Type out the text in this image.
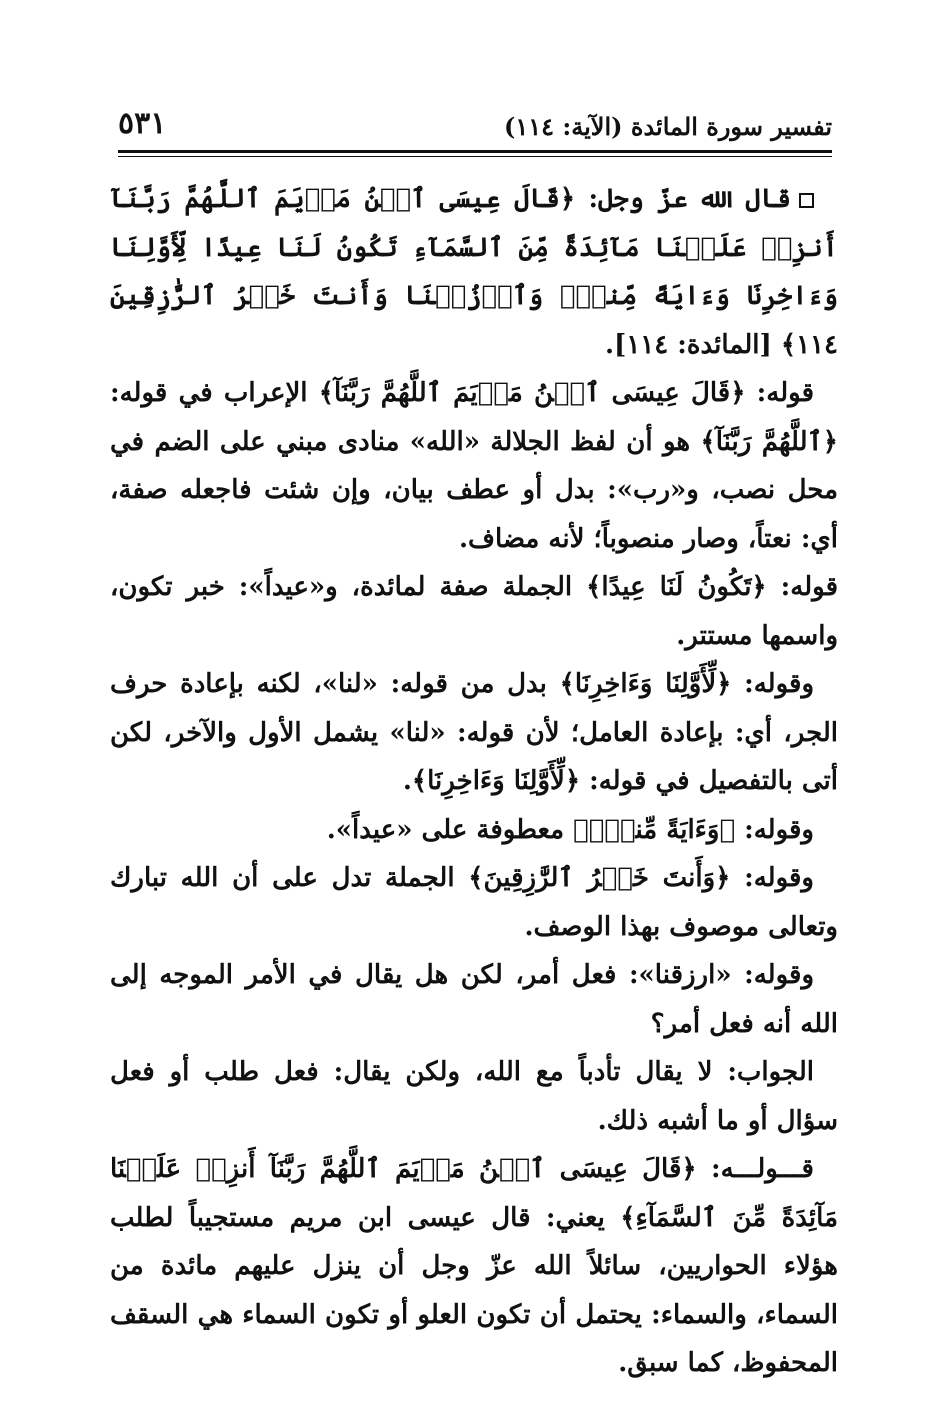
تفسير سورة المائدة (الآية: ١١٤)
٥٣١

قال الله عزّ وجل: ﴿قَالَ عِيسَى ٱبۡنُ مَرۡيَمَ ٱللَّهُمَّ رَبَّنَآ أَنزِلۡ عَلَيۡنَا مَآئِدَةً مِّنَ ٱلسَّمَآءِ تَكُونُ لَنَا عِيدًا لِّأَوَّلِنَا وَءَاخِرِنَا وَءَايَةً مِّنكَۖ وَٱرۡزُقۡنَا وَأَنتَ خَيۡرُ ٱلرَّٰزِقِينَ ١١٤﴾ [المائدة: ١١٤].

قوله: ﴿قَالَ عِيسَى ٱبۡنُ مَرۡيَمَ ٱللَّهُمَّ رَبَّنَآ﴾ الإعراب في قوله: ﴿ٱللَّهُمَّ رَبَّنَآ﴾ هو أن لفظ الجلالة «الله» منادى مبني على الضم في محل نصب، و«رب»: بدل أو عطف بيان، وإن شئت فاجعله صفة، أي: نعتاً، وصار منصوباً؛ لأنه مضاف.

قوله: ﴿تَكُونُ لَنَا عِيدًا﴾ الجملة صفة لمائدة، و«عيداً»: خبر تكون، واسمها مستتر.

وقوله: ﴿لِّأَوَّلِنَا وَءَاخِرِنَا﴾ بدل من قوله: «لنا»، لكنه بإعادة حرف الجر، أي: بإعادة العامل؛ لأن قوله: «لنا» يشمل الأول والآخر، لكن أتى بالتفصيل في قوله: ﴿لِّأَوَّلِنَا وَءَاخِرِنَا﴾.

وقوله: ﴿وَءَايَةً مِّنكَۖ﴾ معطوفة على «عيداً».

وقوله: ﴿وَأَنتَ خَيۡرُ ٱلرَّٰزِقِينَ﴾ الجملة تدل على أن الله تبارك وتعالى موصوف بهذا الوصف.

وقوله: «ارزقنا»: فعل أمر، لكن هل يقال في الأمر الموجه إلى الله أنه فعل أمر؟

الجواب: لا يقال تأدباً مع الله، ولكن يقال: فعل طلب أو فعل سؤال أو ما أشبه ذلك.

قـــولـــه: ﴿قَالَ عِيسَى ٱبۡنُ مَرۡيَمَ ٱللَّهُمَّ رَبَّنَآ أَنزِلۡ عَلَيۡنَا مَآئِدَةً مِّنَ ٱلسَّمَآءِ﴾ يعني: قال عيسى ابن مريم مستجيباً لطلب هؤلاء الحواريين، سائلاً الله عزّ وجل أن ينزل عليهم مائدة من السماء، والسماء: يحتمل أن تكون العلو أو تكون السماء هي السقف المحفوظ، كما سبق.
